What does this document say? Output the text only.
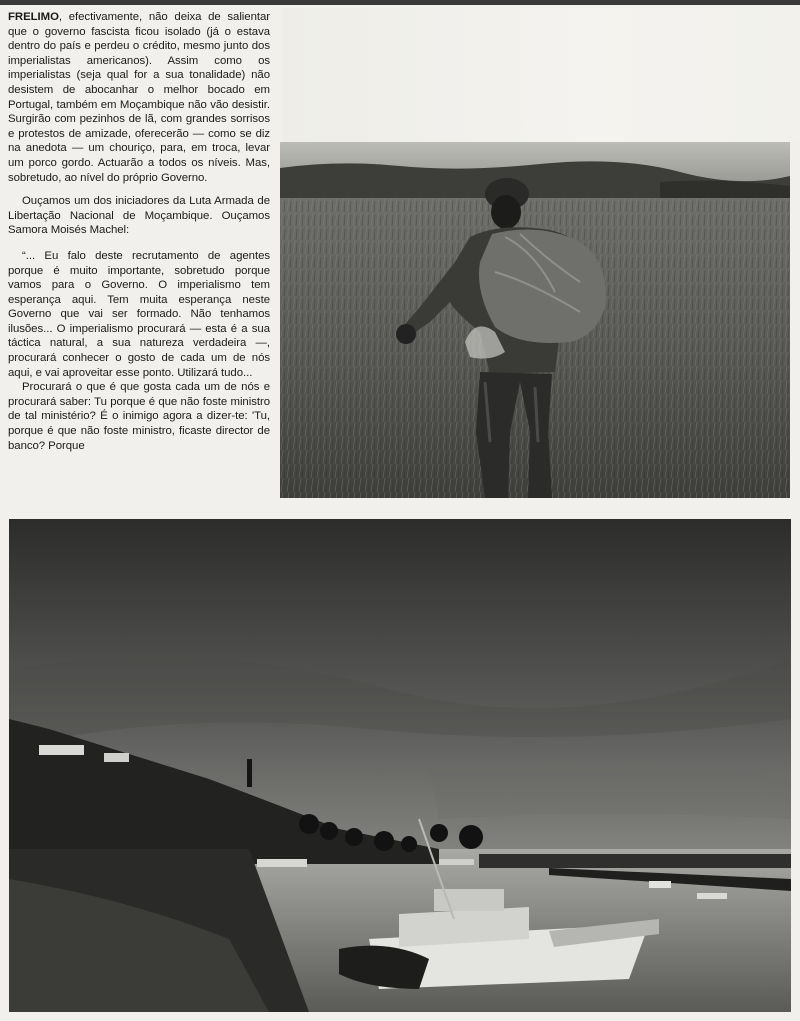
FRELIMO, efectivamente, não deixa de salientar que o governo fascista ficou isolado (já o estava dentro do país e perdeu o crédito, mesmo junto dos imperialistas americanos). Assim como os imperialistas (seja qual for a sua tonalidade) não desistem de abocanhar o melhor bocado em Portugal, também em Moçambique não vão desistir. Surgirão com pezinhos de lã, com grandes sorrisos e protestos de amizade, oferecerão — como se diz na anedota — um chouriço, para, em troca, levar um porco gordo. Actuarão a todos os níveis. Mas, sobretudo, ao nível do próprio Governo.

Ouçamos um dos iniciadores da Luta Armada de Libertação Nacional de Moçambique. Ouçamos Samora Moisés Machel:

“... Eu falo deste recrutamento de agentes porque é muito importante, sobretudo porque vamos para o Governo. O imperialismo tem esperança aqui. Tem muita esperança neste Governo que vai ser formado. Não tenhamos ilusões... O imperialismo procurará — esta é a sua táctica natural, a sua natureza verdadeira —, procurará conhecer o gosto de cada um de nós aqui, e vai aproveitar esse ponto. Utilizará tudo...

Procurará o que é que gosta cada um de nós e procurará saber: Tu porque é que não foste ministro de tal ministério? É o inimigo agora a dizer-te: 'Tu, porque é que não foste ministro, ficaste director de banco? Porque
